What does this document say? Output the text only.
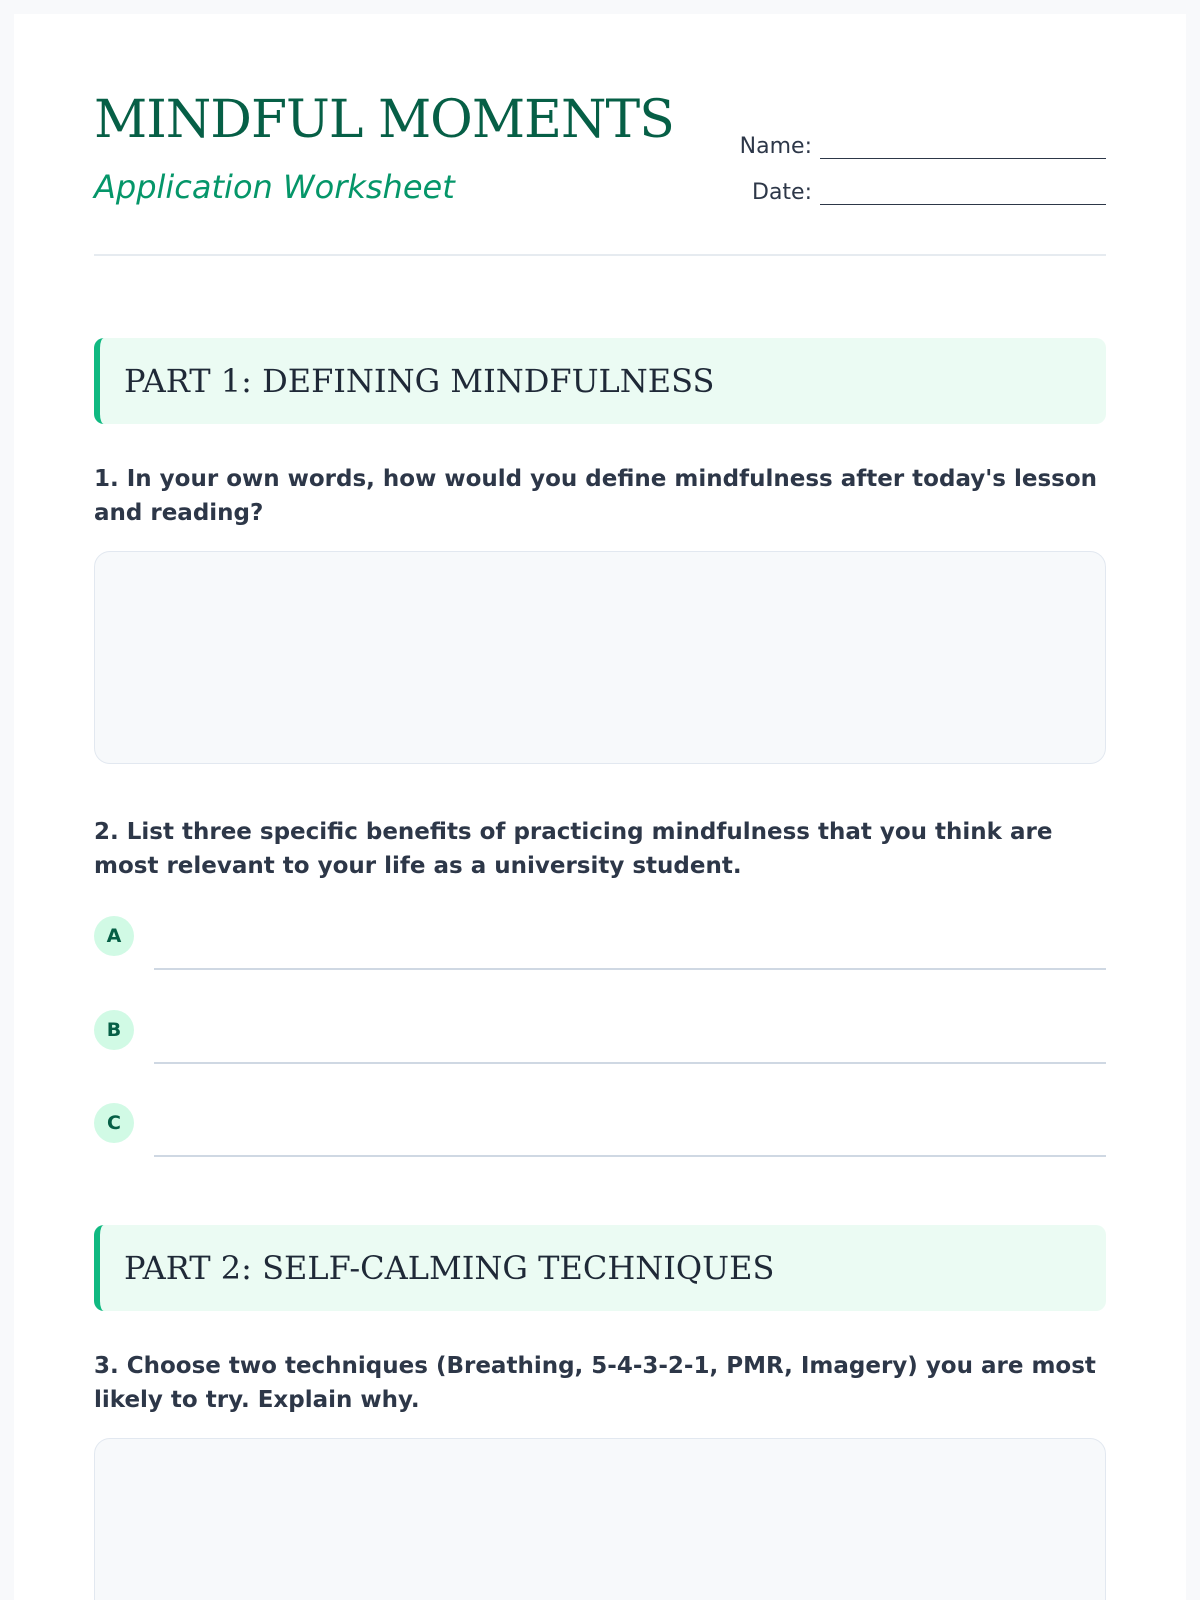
MINDFUL MOMENTS
Application Worksheet
Name:
Date:
PART 1: DEFINING MINDFULNESS
1. In your own words, how would you define mindfulness after today's lesson and reading?
2. List three specific benefits of practicing mindfulness that you think are most relevant to your life as a university student.
A
B
C
PART 2: SELF-CALMING TECHNIQUES
3. Choose two techniques (Breathing, 5-4-3-2-1, PMR, Imagery) you are most likely to try. Explain why.
